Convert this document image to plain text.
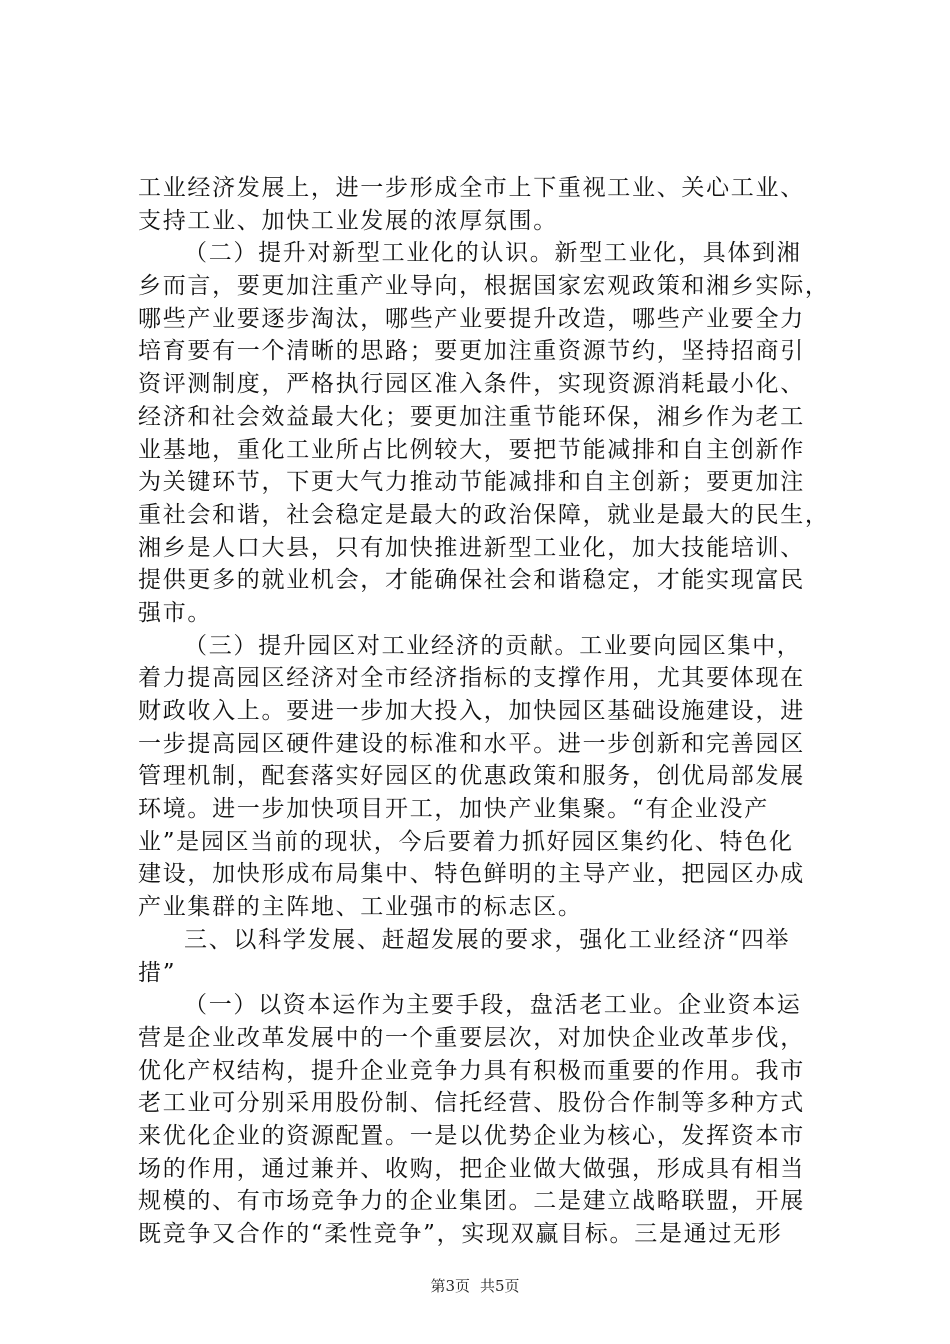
工业经济发展上，进一步形成全市上下重视工业、关心工业、
支持工业、加快工业发展的浓厚氛围。
（二）提升对新型工业化的认识。新型工业化，具体到湘
乡而言，要更加注重产业导向，根据国家宏观政策和湘乡实际，
哪些产业要逐步淘汰，哪些产业要提升改造，哪些产业要全力
培育要有一个清晰的思路；要更加注重资源节约，坚持招商引
资评测制度，严格执行园区准入条件，实现资源消耗最小化、
经济和社会效益最大化；要更加注重节能环保，湘乡作为老工
业基地，重化工业所占比例较大，要把节能减排和自主创新作
为关键环节，下更大气力推动节能减排和自主创新；要更加注
重社会和谐，社会稳定是最大的政治保障，就业是最大的民生，
湘乡是人口大县，只有加快推进新型工业化，加大技能培训、
提供更多的就业机会，才能确保社会和谐稳定，才能实现富民
强市。
（三）提升园区对工业经济的贡献。工业要向园区集中，
着力提高园区经济对全市经济指标的支撑作用，尤其要体现在
财政收入上。要进一步加大投入，加快园区基础设施建设，进
一步提高园区硬件建设的标准和水平。进一步创新和完善园区
管理机制，配套落实好园区的优惠政策和服务，创优局部发展
环境。进一步加快项目开工，加快产业集聚。“有企业没产
业”是园区当前的现状，今后要着力抓好园区集约化、特色化
建设，加快形成布局集中、特色鲜明的主导产业，把园区办成
产业集群的主阵地、工业强市的标志区。
三、以科学发展、赶超发展的要求，强化工业经济“四举
措”
（一）以资本运作为主要手段，盘活老工业。企业资本运
营是企业改革发展中的一个重要层次，对加快企业改革步伐，
优化产权结构，提升企业竞争力具有积极而重要的作用。我市
老工业可分别采用股份制、信托经营、股份合作制等多种方式
来优化企业的资源配置。一是以优势企业为核心，发挥资本市
场的作用，通过兼并、收购，把企业做大做强，形成具有相当
规模的、有市场竞争力的企业集团。二是建立战略联盟，开展
既竞争又合作的“柔性竞争”，实现双赢目标。三是通过无形
第3页 共5页
